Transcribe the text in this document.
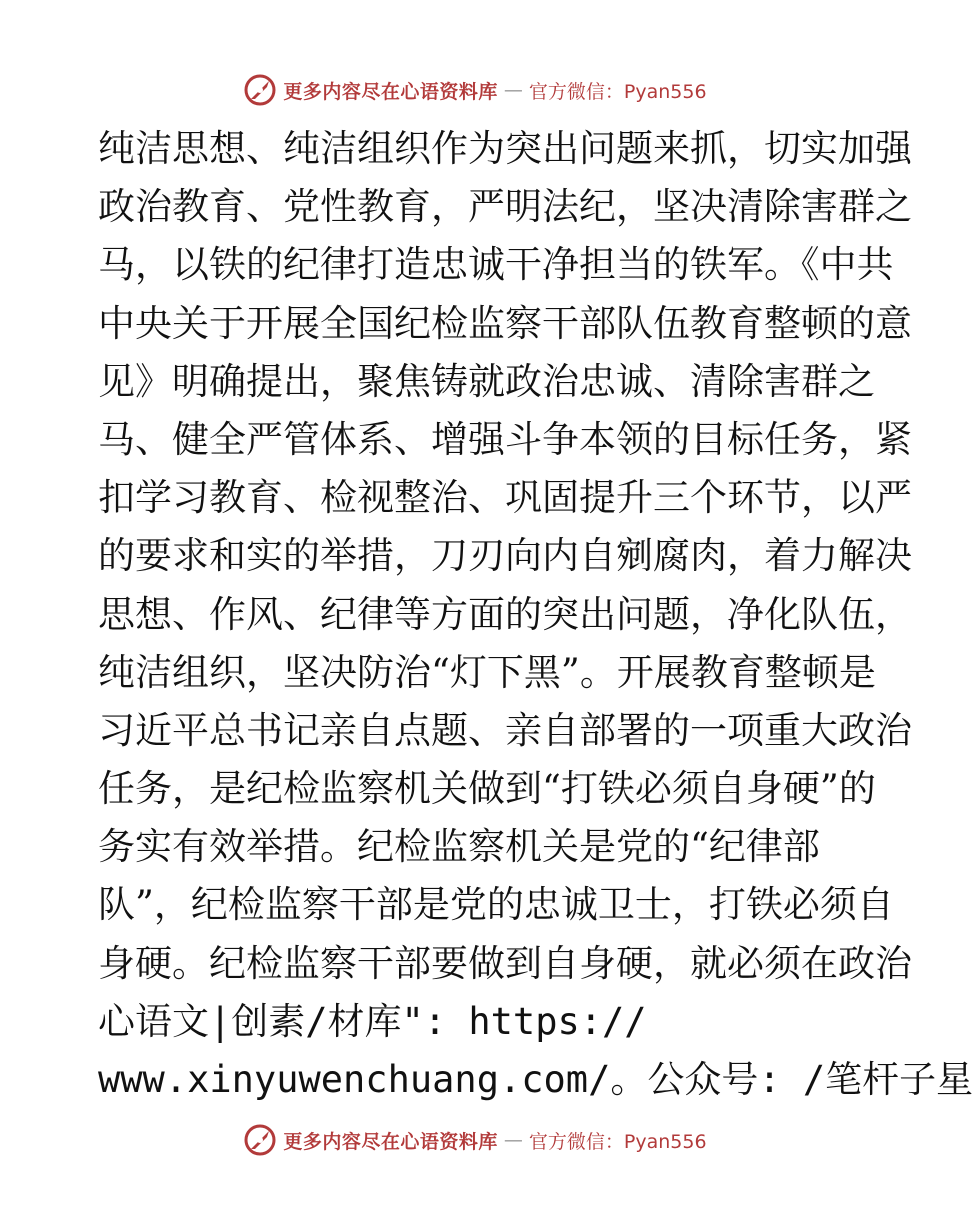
更多内容尽在心语资料库 — 官方微信：Pyan556
纯洁思想、纯洁组织作为突出问题来抓，切实加强
政治教育、党性教育，严明法纪，坚决清除害群之
马，以铁的纪律打造忠诚干净担当的铁军。《中共
中央关于开展全国纪检监察干部队伍教育整顿的意
见》明确提出，聚焦铸就政治忠诚、清除害群之
马、健全严管体系、增强斗争本领的目标任务，紧
扣学习教育、检视整治、巩固提升三个环节，以严
的要求和实的举措，刀刃向内自剜腐肉，着力解决
思想、作风、纪律等方面的突出问题，净化队伍，
纯洁组织，坚决防治“灯下黑”。开展教育整顿是
习近平总书记亲自点题、亲自部署的一项重大政治
任务，是纪检监察机关做到“打铁必须自身硬”的
务实有效举措。纪检监察机关是党的“纪律部
队”，纪检监察干部是党的忠诚卫士，打铁必须自
身硬。纪检监察干部要做到自身硬，就必须在政治
心语文|创素/材库": https://
www.xinyuwenchuang.com/。公众号: /笔杆子星
更多内容尽在心语资料库 — 官方微信：Pyan556
